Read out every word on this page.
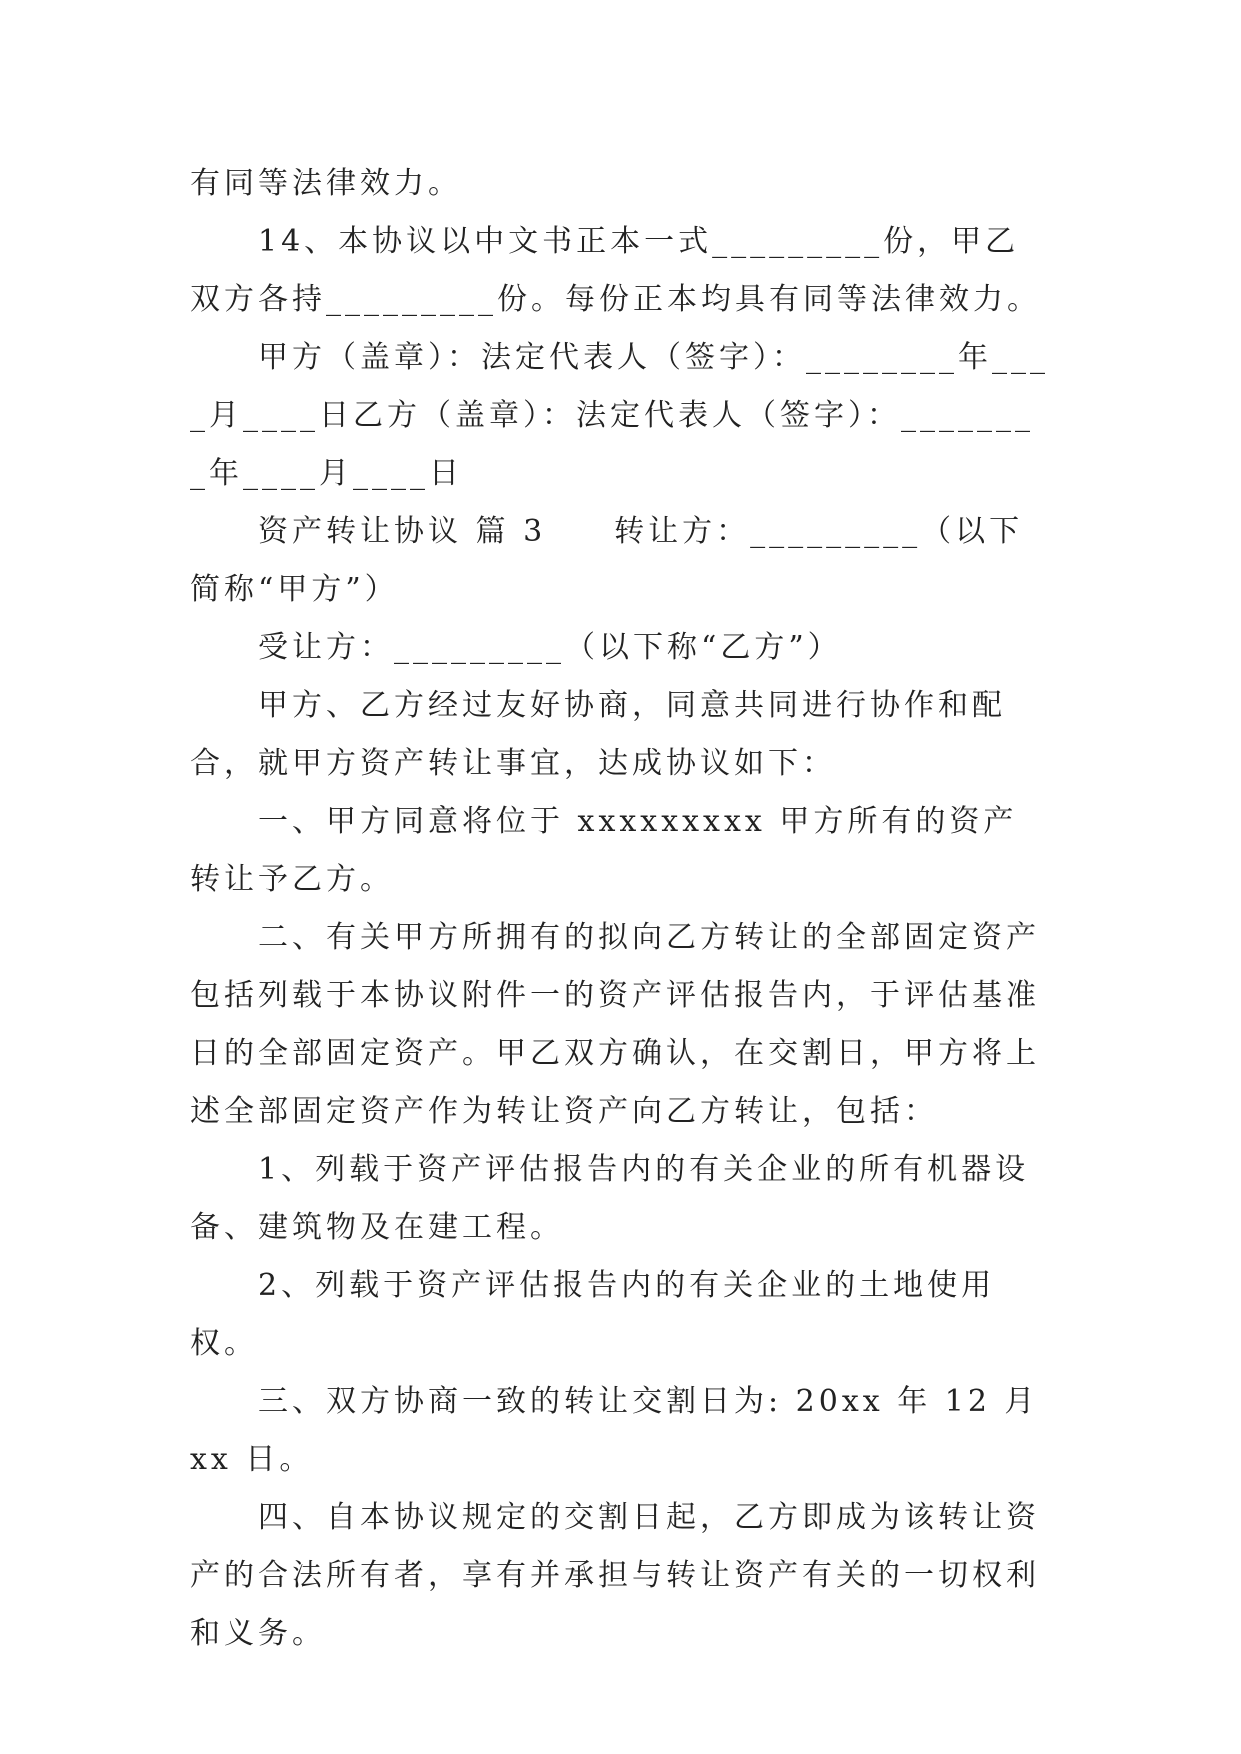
有同等法律效力。

14、本协议以中文书正本一式_________份，甲乙双方各持_________份。每份正本均具有同等法律效力。

甲方（盖章）：法定代表人（签字）：________年____月____日乙方（盖章）：法定代表人（签字）：________年____月____日

资产转让协议 篇 3　　转让方：_________（以下简称“甲方”）

受让方：_________（以下称“乙方”）

甲方、乙方经过友好协商，同意共同进行协作和配合，就甲方资产转让事宜，达成协议如下：

一、甲方同意将位于 xxxxxxxxx 甲方所有的资产转让予乙方。

二、有关甲方所拥有的拟向乙方转让的全部固定资产包括列载于本协议附件一的资产评估报告内，于评估基准日的全部固定资产。甲乙双方确认，在交割日，甲方将上述全部固定资产作为转让资产向乙方转让，包括：

1、列载于资产评估报告内的有关企业的所有机器设备、建筑物及在建工程。

2、列载于资产评估报告内的有关企业的土地使用权。

三、双方协商一致的转让交割日为: 20xx 年 12 月 xx 日。

四、自本协议规定的交割日起，乙方即成为该转让资产的合法所有者，享有并承担与转让资产有关的一切权利和义务。
